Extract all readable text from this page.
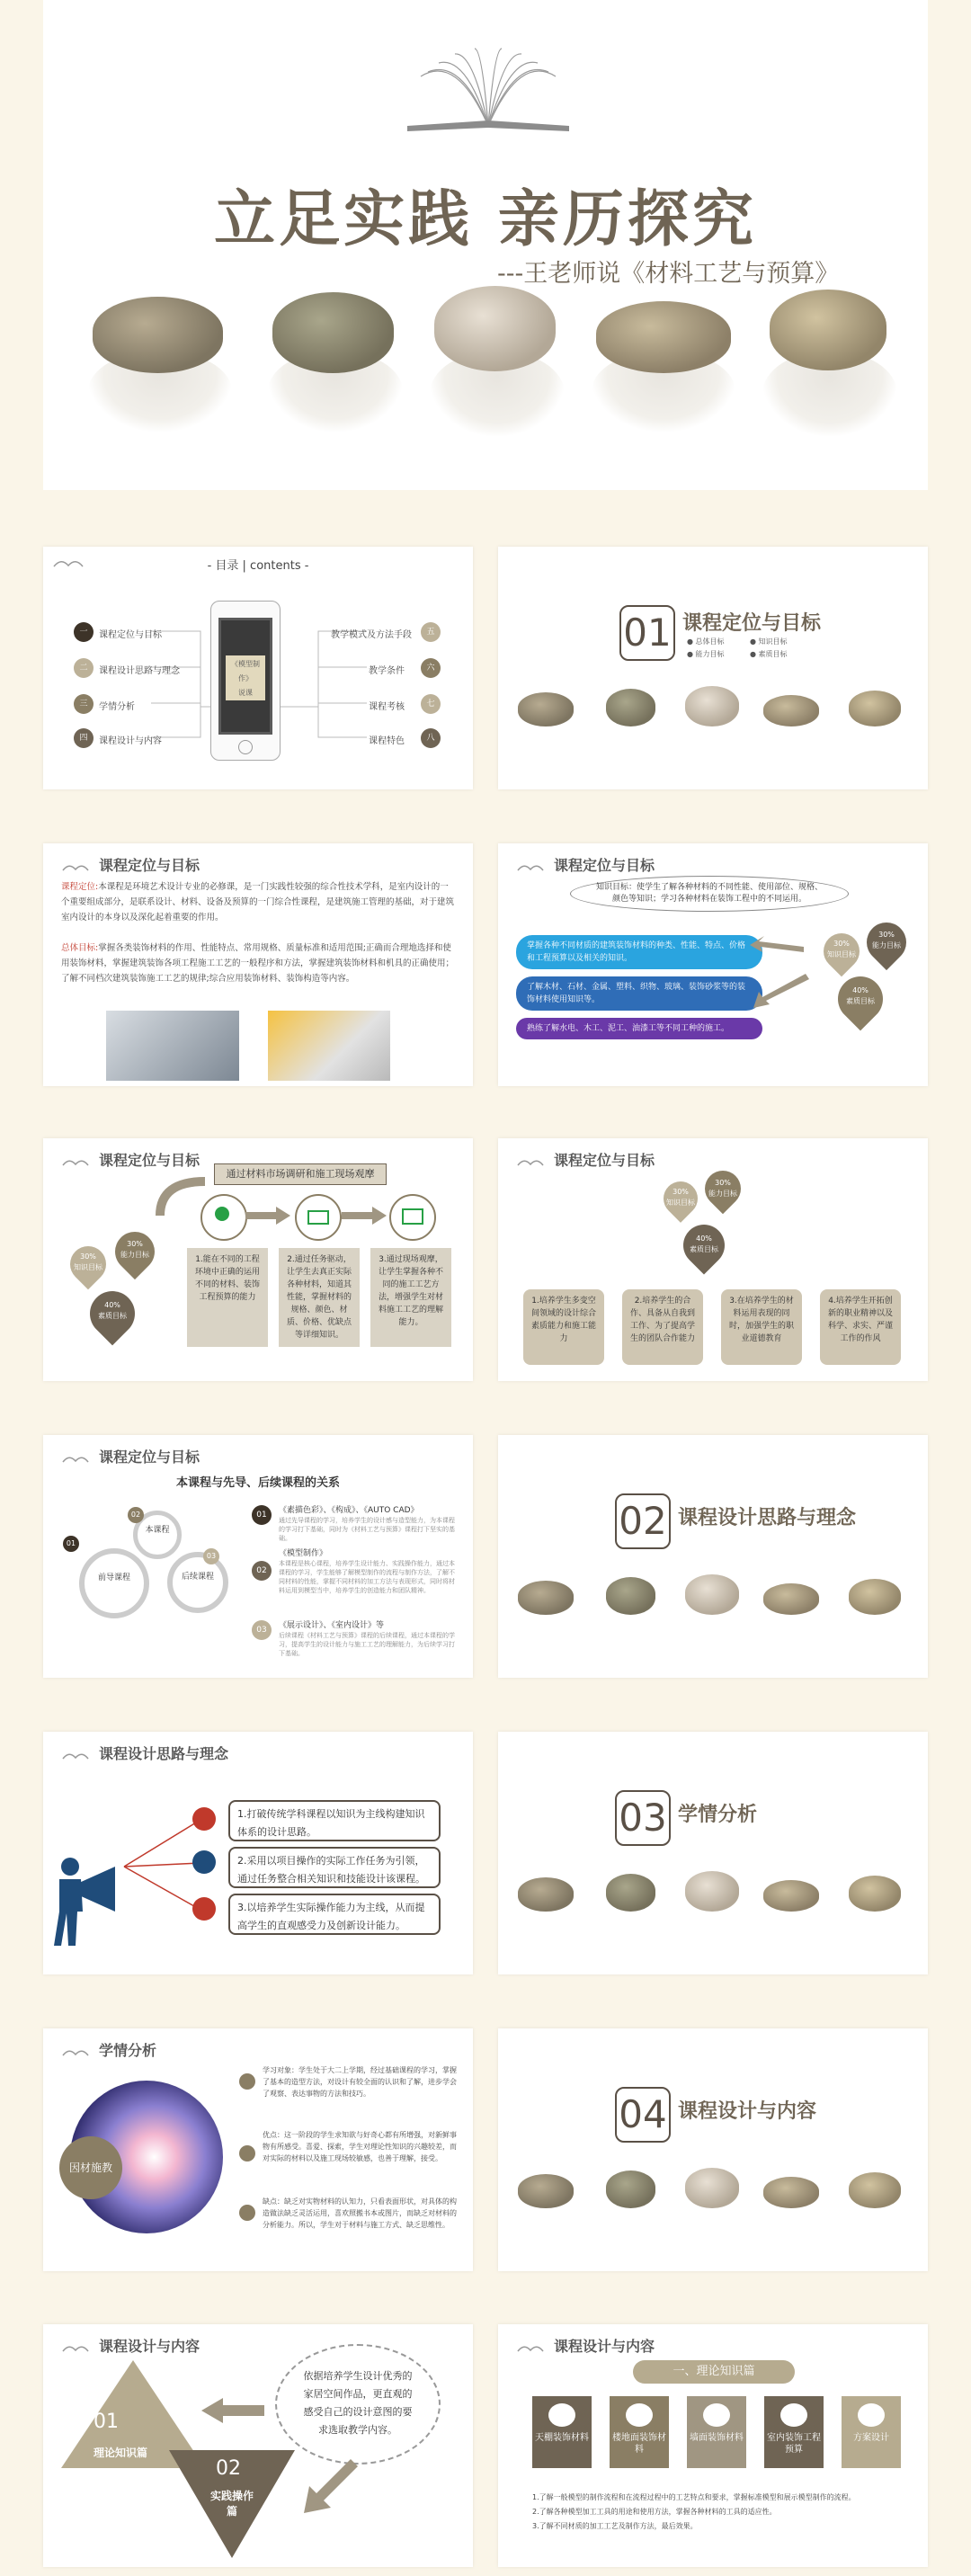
立足实践 亲历探究
---王老师说《材料工艺与预算》
- 目录 | contents -
《模型制作》
说课
一	课程定位与目标
二	课程设计思路与理念
三	学情分析
四	课程设计与内容
教学模式及方法手段	五
教学条件	六
课程考核	七
课程特色	八
01 课程定位与目标
● 总体目标	● 知识目标
● 能力目标	● 素质目标
课程定位与目标
课程定位:本课程是环境艺术设计专业的必修课，是一门实践性较强的综合性技术学科，是室内设计的一个重要组成部分，是联系设计、材料、设备及预算的一门综合性课程，是建筑施工管理的基础，对于建筑室内设计的本身以及深化起着重要的作用。
总体目标:掌握各类装饰材料的作用、性能特点、常用规格、质量标准和适用范围;正确而合理地选择和使用装饰材料，掌握建筑装饰各项工程施工工艺的一般程序和方法，掌握建筑装饰材料和机具的正确使用；了解不同档次建筑装饰施工工艺的规律;综合应用装饰材料、装饰构造等内容。
课程定位与目标
知识目标：使学生了解各种材料的不同性能、使用部位、规格、颜色等知识；学习各种材料在装饰工程中的不同运用。
掌握各种不同材质的建筑装饰材料的种类、性能、特点、价格和工程预算以及相关的知识。
了解木材、石材、金属、塑料、织物、玻璃、装饰砂浆等的装饰材料使用知识等。
熟练了解水电、木工、泥工、油漆工等不同工种的施工。
30%
知识目标
30%
能力目标
40%
素质目标
课程定位与目标
通过材料市场调研和施工现场观摩
30%
知识目标
30%
能力目标
40%
素质目标
1.能在不同的工程环境中正确的运用不同的材料、装饰工程预算的能力
2.通过任务驱动，让学生去真正实际各种材料，知道其性能，掌握材料的规格、颜色、材质、价格、优缺点等详细知识。
3.通过现场观摩，让学生掌握各种不同的施工工艺方法，增强学生对材料施工工艺的理解能力。
课程定位与目标
30%
知识目标
30%
能力目标
40%
素质目标
1.培养学生多变空间领域的设计综合素质能力和施工能力
2.培养学生的合作、具备从自我到工作、为了提高学生的团队合作能力
3.在培养学生的材料运用表现的同时，加强学生的职业道德教育
4.培养学生开拓创新的职业精神以及科学、求实、严谨工作的作风
课程定位与目标
本课程与先导、后续课程的关系
前导课程
本课程
后续课程
01
02
03
01	《素描色彩》、《构成》、《AUTO CAD》
通过先导课程的学习，培养学生的设计感与造型能力，为本课程的学习打下基础，同时为《材料工艺与预算》课程打下坚实的基础。
02
《模型制作》
本课程是核心课程，培养学生设计能力、实践操作能力，通过本课程的学习，学生能够了解模型制作的流程与制作方法，了解不同材料的性能，掌握不同材料的加工方法与表现形式，同时将材料运用到模型当中，培养学生的创造能力和团队精神。
03	《展示设计》、《室内设计》等
后续课程《材料工艺与预算》课程的后续课程，通过本课程的学习，提高学生的设计能力与施工工艺的理解能力，为后续学习打下基础。
02 课程设计思路与理念
课程设计思路与理念
1.打破传统学科课程以知识为主线构建知识体系的设计思路。
2.采用以项目操作的实际工作任务为引领，通过任务整合相关知识和技能设计该课程。
3.以培养学生实际操作能力为主线，从而提高学生的直观感受力及创新设计能力。
03 学情分析
学情分析
因材施教
学习对象：学生处于大二上学期，经过基础课程的学习，掌握了基本的造型方法，对设计有较全面的认识和了解，进步学会了观察、表达事物的方法和技巧。
优点：这一阶段的学生求知欲与好奇心都有所增强，对新鲜事物有所感受。喜爱、探索，学生对理论性知识的兴趣较差，而对实际的材料以及施工现场较敏感，也善于理解，接受。
缺点：缺乏对实物材料的认知力，只看表面形状，对具体的构造做法缺乏灵活运用，喜欢照搬书本或图片，而缺乏对材料的分析能力。所以，学生对于材料与施工方式、缺乏思维性。
04 课程设计与内容
课程设计与内容
依据培养学生设计优秀的家居空间作品，更直观的感受自己的设计意图的要求选取教学内容。
01
理论知识篇
02
实践操作篇
课程设计与内容
一、理论知识篇
天棚装饰材料	楼地面装饰材料
墙面装饰材料	室内装饰工程预算
方案设计
1.了解一般模型的制作流程和在流程过程中的工艺特点和要求，掌握标准模型和展示模型制作的流程。
2.了解各种模型加工工具的用途和使用方法，掌握各种材料的工具的适应性。
3.了解不同材质的加工工艺及制作方法，最后效果。
